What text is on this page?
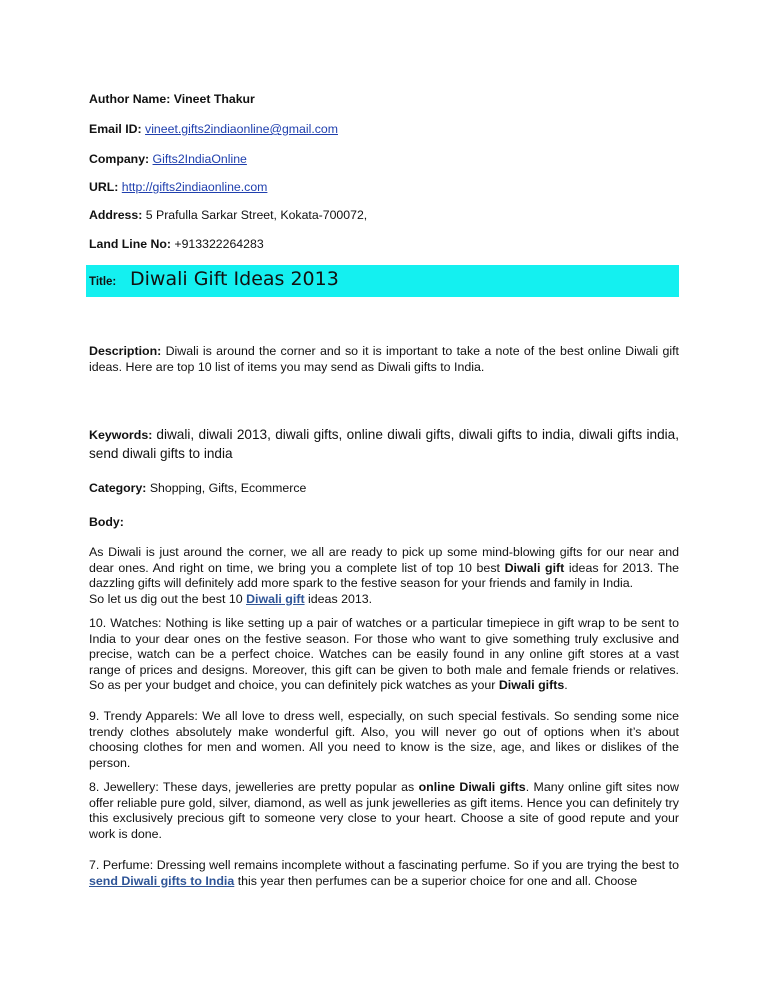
Author Name: Vineet Thakur
Email ID: vineet.gifts2indiaonline@gmail.com
Company: Gifts2IndiaOnline
URL: http://gifts2indiaonline.com
Address: 5 Prafulla Sarkar Street, Kokata-700072,
Land Line No: +913322264283
Title: Diwali Gift Ideas 2013
Description: Diwali is around the corner and so it is important to take a note of the best online Diwali gift ideas. Here are top 10 list of items you may send as Diwali gifts to India.
Keywords: diwali, diwali 2013, diwali gifts, online diwali gifts, diwali gifts to india, diwali gifts india, send diwali gifts to india
Category: Shopping, Gifts, Ecommerce
Body:
As Diwali is just around the corner, we all are ready to pick up some mind-blowing gifts for our near and dear ones. And right on time, we bring you a complete list of top 10 best Diwali gift ideas for 2013. The dazzling gifts will definitely add more spark to the festive season for your friends and family in India.
So let us dig out the best 10 Diwali gift ideas 2013.
10. Watches: Nothing is like setting up a pair of watches or a particular timepiece in gift wrap to be sent to India to your dear ones on the festive season. For those who want to give something truly exclusive and precise, watch can be a perfect choice. Watches can be easily found in any online gift stores at a vast range of prices and designs. Moreover, this gift can be given to both male and female friends or relatives. So as per your budget and choice, you can definitely pick watches as your Diwali gifts.
9. Trendy Apparels: We all love to dress well, especially, on such special festivals. So sending some nice trendy clothes absolutely make wonderful gift. Also, you will never go out of options when it’s about choosing clothes for men and women. All you need to know is the size, age, and likes or dislikes of the person.
8. Jewellery: These days, jewelleries are pretty popular as online Diwali gifts. Many online gift sites now offer reliable pure gold, silver, diamond, as well as junk jewelleries as gift items. Hence you can definitely try this exclusively precious gift to someone very close to your heart. Choose a site of good repute and your work is done.
7. Perfume: Dressing well remains incomplete without a fascinating perfume. So if you are trying the best to send Diwali gifts to India this year then perfumes can be a superior choice for one and all. Choose
